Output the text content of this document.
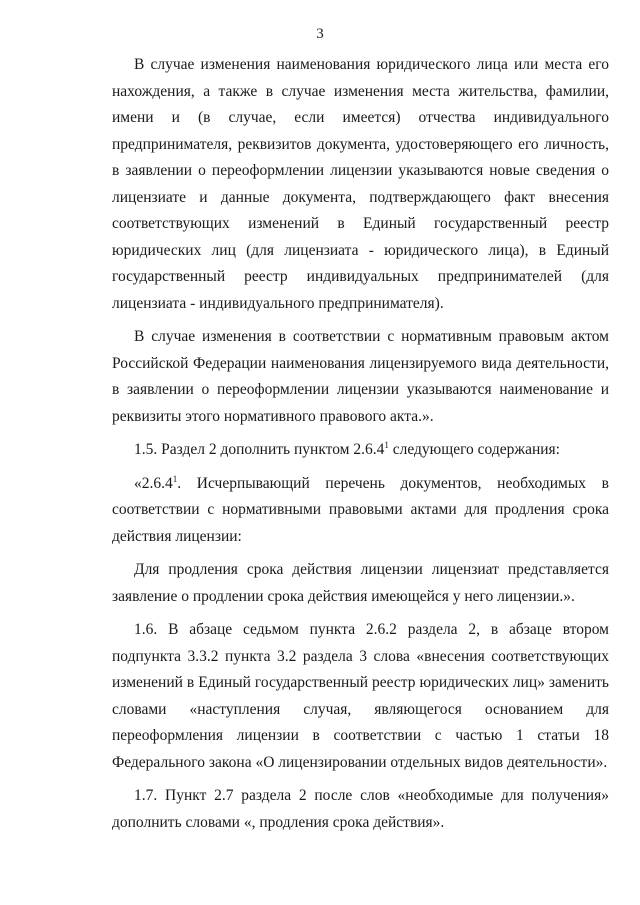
3

В случае изменения наименования юридического лица или места его нахождения, а также в случае изменения места жительства, фамилии, имени и (в случае, если имеется) отчества индивидуального предпринимателя, реквизитов документа, удостоверяющего его личность, в заявлении о переоформлении лицензии указываются новые сведения о лицензиате и данные документа, подтверждающего факт внесения соответствующих изменений в Единый государственный реестр юридических лиц (для лицензиата - юридического лица), в Единый государственный реестр индивидуальных предпринимателей (для лицензиата - индивидуального предпринимателя).

В случае изменения в соответствии с нормативным правовым актом Российской Федерации наименования лицензируемого вида деятельности, в заявлении о переоформлении лицензии указываются наименование и реквизиты этого нормативного правового акта.».

1.5. Раздел 2 дополнить пунктом 2.6.4$^1$ следующего содержания:

«2.6.4$^1$. Исчерпывающий перечень документов, необходимых в соответствии с нормативными правовыми актами для продления срока действия лицензии:

Для продления срока действия лицензии лицензиат представляется заявление о продлении срока действия имеющейся у него лицензии.».

1.6. В абзаце седьмом пункта 2.6.2 раздела 2, в абзаце втором подпункта 3.3.2 пункта 3.2 раздела 3 слова «внесения соответствующих изменений в Единый государственный реестр юридических лиц» заменить словами «наступления случая, являющегося основанием для переоформления лицензии в соответствии с частью 1 статьи 18 Федерального закона «О лицензировании отдельных видов деятельности».

1.7. Пункт 2.7 раздела 2 после слов «необходимые для получения» дополнить словами «, продления срока действия».
